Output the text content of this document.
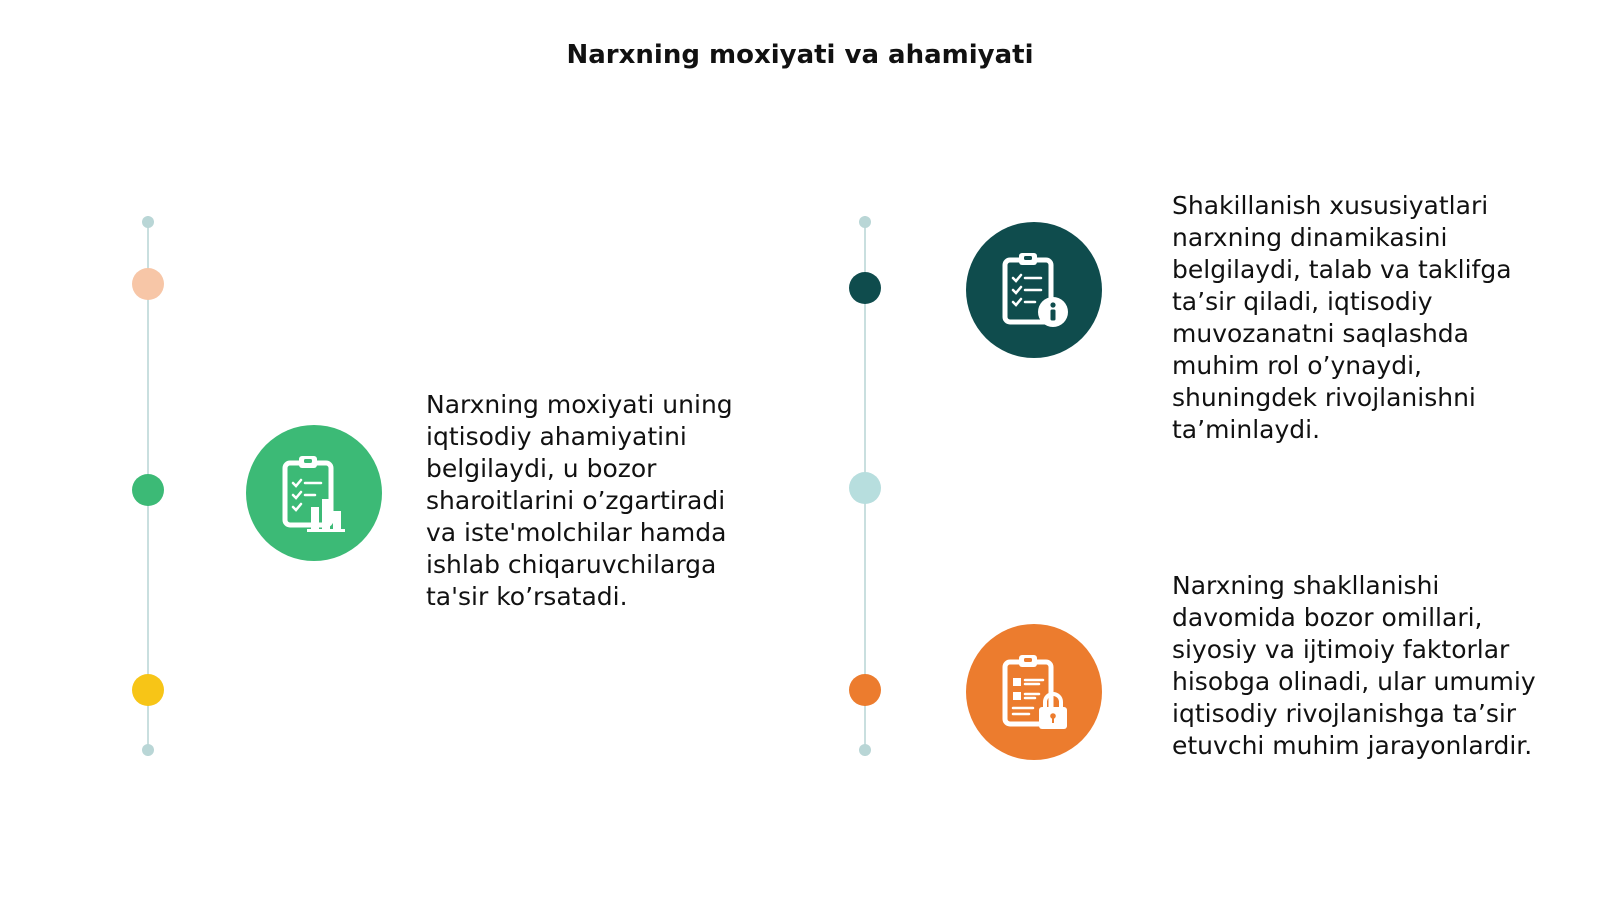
Narxning moxiyati va ahamiyati

Narxning moxiyati uning iqtisodiy ahamiyatini belgilaydi, u bozor sharoitlarini o’zgartiradi va iste'molchilar hamda ishlab chiqaruvchilarga ta'sir ko’rsatadi.

Shakillanish xususiyatlari narxning dinamikasini belgilaydi, talab va taklifga ta’sir qiladi, iqtisodiy muvozanatni saqlashda muhim rol o’ynaydi, shuningdek rivojlanishni ta’minlaydi.

Narxning shakllanishi davomida bozor omillari, siyosiy va ijtimoiy faktorlar hisobga olinadi, ular umumiy iqtisodiy rivojlanishga ta’sir etuvchi muhim jarayonlardir.
